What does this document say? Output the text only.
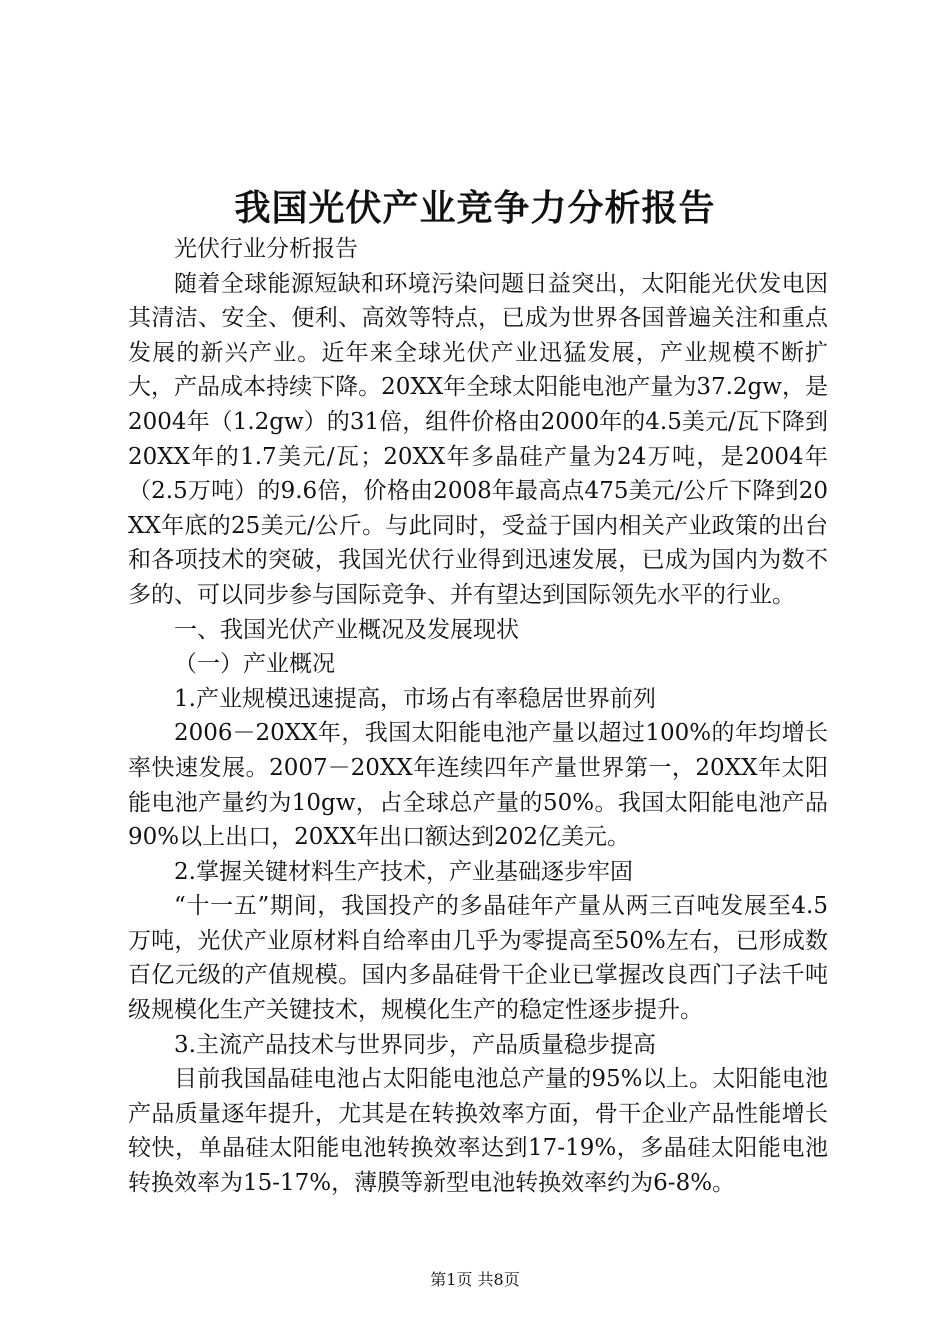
我国光伏产业竞争力分析报告

光伏行业分析报告

随着全球能源短缺和环境污染问题日益突出，太阳能光伏发电因其清洁、安全、便利、高效等特点，已成为世界各国普遍关注和重点发展的新兴产业。近年来全球光伏产业迅猛发展，产业规模不断扩大，产品成本持续下降。20XX年全球太阳能电池产量为37.2gw，是2004年（1.2gw）的31倍，组件价格由2000年的4.5美元/瓦下降到20XX年的1.7美元/瓦；20XX年多晶硅产量为24万吨，是2004年（2.5万吨）的9.6倍，价格由2008年最高点475美元/公斤下降到20XX年底的25美元/公斤。与此同时，受益于国内相关产业政策的出台和各项技术的突破，我国光伏行业得到迅速发展，已成为国内为数不多的、可以同步参与国际竞争、并有望达到国际领先水平的行业。

一、我国光伏产业概况及发展现状

（一）产业概况

1.产业规模迅速提高，市场占有率稳居世界前列

2006－20XX年，我国太阳能电池产量以超过100%的年均增长率快速发展。2007－20XX年连续四年产量世界第一，20XX年太阳能电池产量约为10gw，占全球总产量的50%。我国太阳能电池产品90%以上出口，20XX年出口额达到202亿美元。

2.掌握关键材料生产技术，产业基础逐步牢固

“十一五”期间，我国投产的多晶硅年产量从两三百吨发展至4.5万吨，光伏产业原材料自给率由几乎为零提高至50%左右，已形成数百亿元级的产值规模。国内多晶硅骨干企业已掌握改良西门子法千吨级规模化生产关键技术，规模化生产的稳定性逐步提升。

3.主流产品技术与世界同步，产品质量稳步提高

目前我国晶硅电池占太阳能电池总产量的95%以上。太阳能电池产品质量逐年提升，尤其是在转换效率方面，骨干企业产品性能增长较快，单晶硅太阳能电池转换效率达到17-19%，多晶硅太阳能电池转换效率为15-17%，薄膜等新型电池转换效率约为6-8%。

第1页 共8页
